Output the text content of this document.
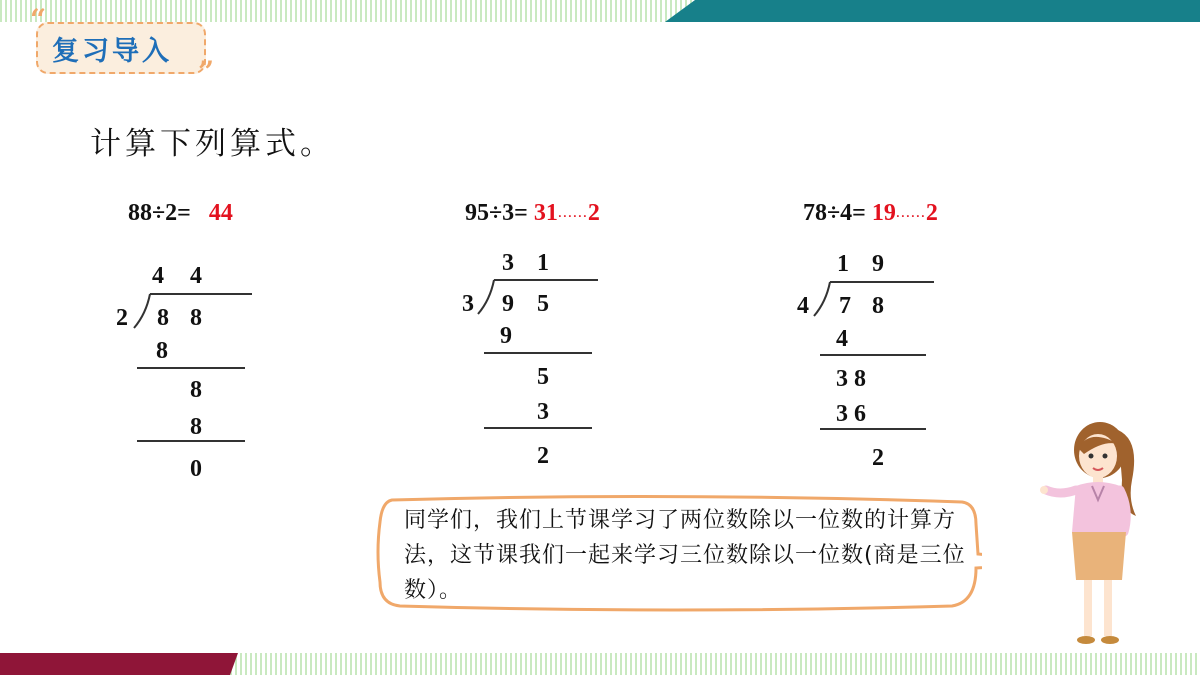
复习导入
“
”
计算下列算式。
88÷2= 44
4 4
2 8 8
8
8
8
0
95÷3= 31······2
3 1
3 9 5
9
5
3
2
78÷4= 19······2
1 9
4 7 8
4
3 8
3 6
2
同学们，我们上节课学习了两位数除以一位数的计算方法，这节课我们一起来学习三位数除以一位数(商是三位数）。
